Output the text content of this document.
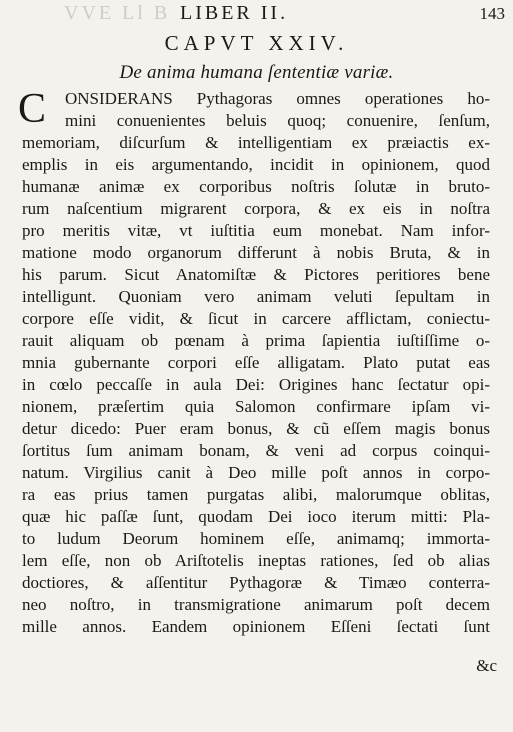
VVE Ll B LIBER II.	143
CAPVT XXIV.
De anima humana ſententiæ variæ.
C ONSIDERANS Pythagoras omnes operationes ho-
mini conuenientes beluis quoq; conuenire, ſenſum,
memoriam, diſcurſum & intelligentiam ex præiactis ex-
emplis in eis argumentando, incidit in opinionem, quod
humanæ animæ ex corporibus noſtris ſolutæ in bruto-
rum naſcentium migrarent corpora, & ex eis in noſtra
pro meritis vitæ, vt iuſtitia eum monebat. Nam infor-
matione modo organorum differunt à nobis Bruta, & in
his parum. Sicut Anatomiſtæ & Pictores peritiores bene
intelligunt. Quoniam vero animam veluti ſepultam in
corpore eſſe vidit, & ſicut in carcere afflictam, coniectu-
rauit aliquam ob pœnam à prima ſapientia iuſtiſſime o-
mnia gubernante corpori eſſe alligatam. Plato putat eas
in cœlo peccaſſe in aula Dei: Origines hanc ſectatur opi-
nionem, præſertim quia Salomon confirmare ipſam vi-
detur dicedo: Puer eram bonus, & cũ eſſem magis bonus
ſortitus ſum animam bonam, & veni ad corpus coinqui-
natum. Virgilius canit à Deo mille poſt annos in corpo-
ra eas prius tamen purgatas alibi, malorumque oblitas,
quæ hic paſſæ ſunt, quodam Dei ioco iterum mitti: Pla-
to ludum Deorum hominem eſſe, animamq; immorta-
lem eſſe, non ob Ariſtotelis ineptas rationes, ſed ob alias
doctiores, & aſſentitur Pythagoræ & Timæo conterra-
neo noſtro, in transmigratione animarum poſt decem
mille annos. Eandem opinionem Eſſeni ſectati ſunt
&c
